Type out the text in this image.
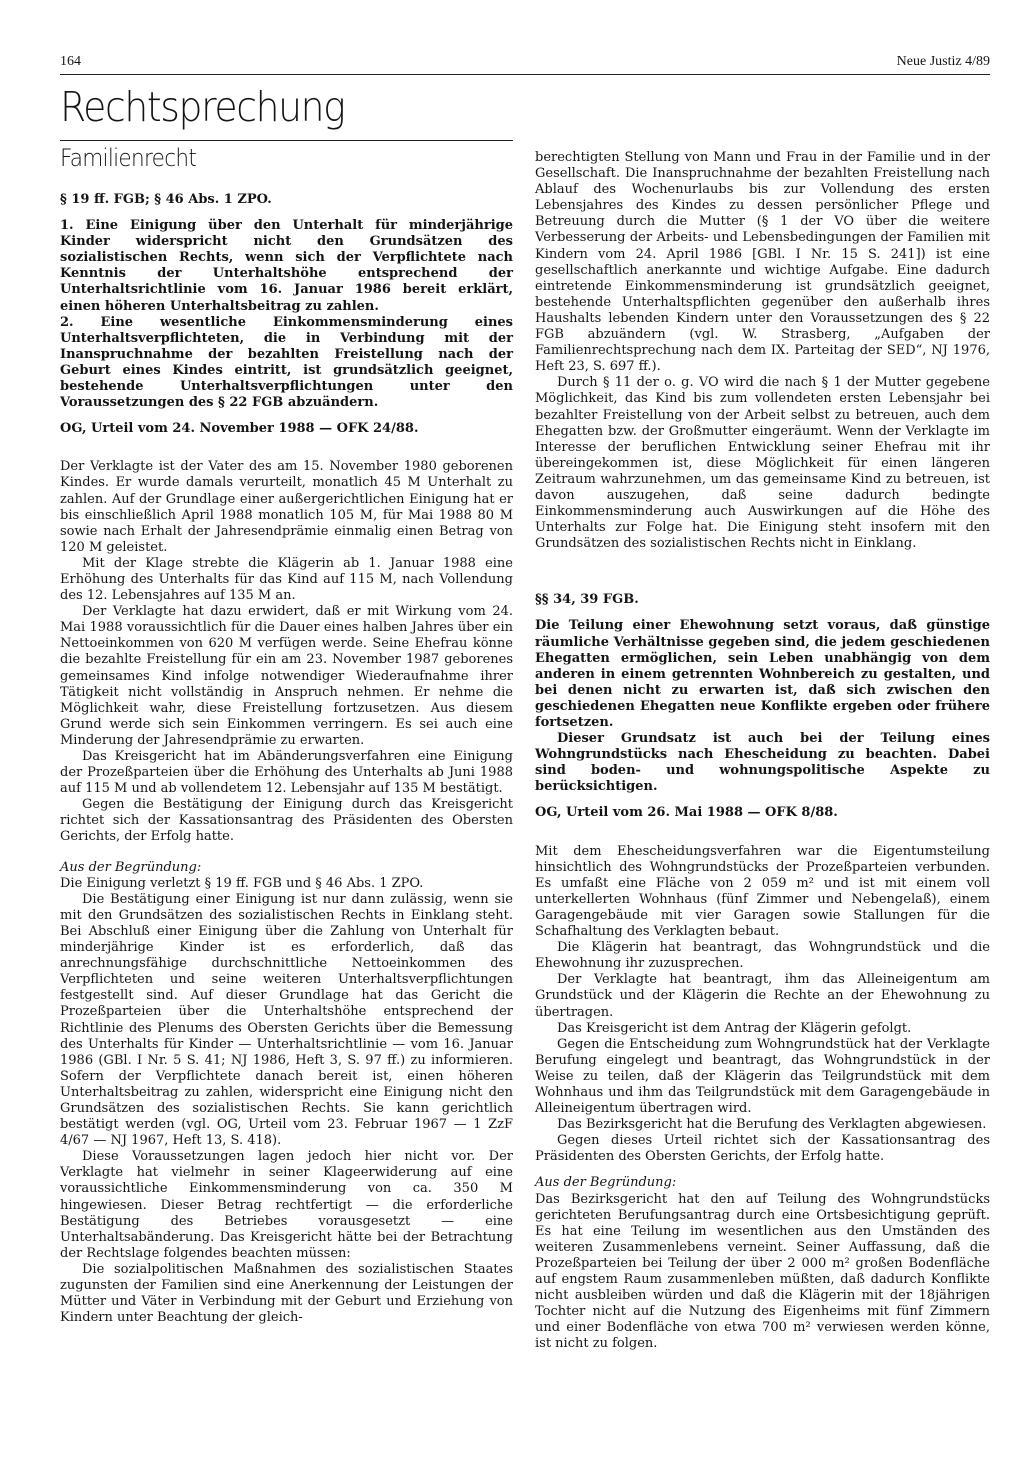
164	Neue Justiz 4/89
Rechtsprechung
Familienrecht

§ 19 ff. FGB; § 46 Abs. 1 ZPO.

1. Eine Einigung über den Unterhalt für minderjährige Kinder widerspricht nicht den Grundsätzen des sozialistischen Rechts, wenn sich der Verpflichtete nach Kenntnis der Unterhaltshöhe entsprechend der Unterhaltsrichtlinie vom 16. Januar 1986 bereit erklärt, einen höheren Unterhaltsbeitrag zu zahlen.

2. Eine wesentliche Einkommensminderung eines Unterhaltsverpflichteten, die in Verbindung mit der Inanspruchnahme der bezahlten Freistellung nach der Geburt eines Kindes eintritt, ist grundsätzlich geeignet, bestehende Unterhaltsverpflichtungen unter den Voraussetzungen des § 22 FGB abzuändern.

OG, Urteil vom 24. November 1988 — OFK 24/88.

Der Verklagte ist der Vater des am 15. November 1980 geborenen Kindes. Er wurde damals verurteilt, monatlich 45 M Unterhalt zu zahlen. Auf der Grundlage einer außergerichtlichen Einigung hat er bis einschließlich April 1988 monatlich 105 M, für Mai 1988 80 M sowie nach Erhalt der Jahresendprämie einmalig einen Betrag von 120 M geleistet.

Mit der Klage strebte die Klägerin ab 1. Januar 1988 eine Erhöhung des Unterhalts für das Kind auf 115 M, nach Vollendung des 12. Lebensjahres auf 135 M an.

Der Verklagte hat dazu erwidert, daß er mit Wirkung vom 24. Mai 1988 voraussichtlich für die Dauer eines halben Jahres über ein Nettoeinkommen von 620 M verfügen werde. Seine Ehefrau könne die bezahlte Freistellung für ein am 23. November 1987 geborenes gemeinsames Kind infolge notwendiger Wiederaufnahme ihrer Tätigkeit nicht vollständig in Anspruch nehmen. Er nehme die Möglichkeit wahr, diese Freistellung fortzusetzen. Aus diesem Grund werde sich sein Einkommen verringern. Es sei auch eine Minderung der Jahresendprämie zu erwarten.

Das Kreisgericht hat im Abänderungsverfahren eine Einigung der Prozeßparteien über die Erhöhung des Unterhalts ab Juni 1988 auf 115 M und ab vollendetem 12. Lebensjahr auf 135 M bestätigt.

Gegen die Bestätigung der Einigung durch das Kreisgericht richtet sich der Kassationsantrag des Präsidenten des Obersten Gerichts, der Erfolg hatte.

Aus der Begründung:

Die Einigung verletzt § 19 ff. FGB und § 46 Abs. 1 ZPO.

Die Bestätigung einer Einigung ist nur dann zulässig, wenn sie mit den Grundsätzen des sozialistischen Rechts in Einklang steht. Bei Abschluß einer Einigung über die Zahlung von Unterhalt für minderjährige Kinder ist es erforderlich, daß das anrechnungsfähige durchschnittliche Nettoeinkommen des Verpflichteten und seine weiteren Unterhaltsverpflichtungen festgestellt sind. Auf dieser Grundlage hat das Gericht die Prozeßparteien über die Unterhaltshöhe entsprechend der Richtlinie des Plenums des Obersten Gerichts über die Bemessung des Unterhalts für Kinder — Unterhaltsrichtlinie — vom 16. Januar 1986 (GBl. I Nr. 5 S. 41; NJ 1986, Heft 3, S. 97 ff.) zu informieren. Sofern der Verpflichtete danach bereit ist, einen höheren Unterhaltsbeitrag zu zahlen, widerspricht eine Einigung nicht den Grundsätzen des sozialistischen Rechts. Sie kann gerichtlich bestätigt werden (vgl. OG, Urteil vom 23. Februar 1967 — 1 ZzF 4/67 — NJ 1967, Heft 13, S. 418).

Diese Voraussetzungen lagen jedoch hier nicht vor. Der Verklagte hat vielmehr in seiner Klageerwiderung auf eine voraussichtliche Einkommensminderung von ca. 350 M hingewiesen. Dieser Betrag rechtfertigt — die erforderliche Bestätigung des Betriebes vorausgesetzt — eine Unterhaltsabänderung. Das Kreisgericht hätte bei der Betrachtung der Rechtslage folgendes beachten müssen:

Die sozialpolitischen Maßnahmen des sozialistischen Staates zugunsten der Familien sind eine Anerkennung der Leistungen der Mütter und Väter in Verbindung mit der Geburt und Erziehung von Kindern unter Beachtung der gleich-

berechtigten Stellung von Mann und Frau in der Familie und in der Gesellschaft. Die Inanspruchnahme der bezahlten Freistellung nach Ablauf des Wochenurlaubs bis zur Vollendung des ersten Lebensjahres des Kindes zu dessen persönlicher Pflege und Betreuung durch die Mutter (§ 1 der VO über die weitere Verbesserung der Arbeits- und Lebensbedingungen der Familien mit Kindern vom 24. April 1986 [GBl. I Nr. 15 S. 241]) ist eine gesellschaftlich anerkannte und wichtige Aufgabe. Eine dadurch eintretende Einkommensminderung ist grundsätzlich geeignet, bestehende Unterhaltspflichten gegenüber den außerhalb ihres Haushalts lebenden Kindern unter den Voraussetzungen des § 22 FGB abzuändern (vgl. W. Strasberg, „Aufgaben der Familienrechtsprechung nach dem IX. Parteitag der SED“, NJ 1976, Heft 23, S. 697 ff.).

Durch § 11 der o. g. VO wird die nach § 1 der Mutter gegebene Möglichkeit, das Kind bis zum vollendeten ersten Lebensjahr bei bezahlter Freistellung von der Arbeit selbst zu betreuen, auch dem Ehegatten bzw. der Großmutter eingeräumt. Wenn der Verklagte im Interesse der beruflichen Entwicklung seiner Ehefrau mit ihr übereingekommen ist, diese Möglichkeit für einen längeren Zeitraum wahrzunehmen, um das gemeinsame Kind zu betreuen, ist davon auszugehen, daß seine dadurch bedingte Einkommensminderung auch Auswirkungen auf die Höhe des Unterhalts zur Folge hat. Die Einigung steht insofern mit den Grundsätzen des sozialistischen Rechts nicht in Einklang.

§§ 34, 39 FGB.

Die Teilung einer Ehewohnung setzt voraus, daß günstige räumliche Verhältnisse gegeben sind, die jedem geschiedenen Ehegatten ermöglichen, sein Leben unabhängig von dem anderen in einem getrennten Wohnbereich zu gestalten, und bei denen nicht zu erwarten ist, daß sich zwischen den geschiedenen Ehegatten neue Konflikte ergeben oder frühere fortsetzen.

Dieser Grundsatz ist auch bei der Teilung eines Wohngrundstücks nach Ehescheidung zu beachten. Dabei sind boden- und wohnungspolitische Aspekte zu berücksichtigen.

OG, Urteil vom 26. Mai 1988 — OFK 8/88.

Mit dem Ehescheidungsverfahren war die Eigentumsteilung hinsichtlich des Wohngrundstücks der Prozeßparteien verbunden. Es umfaßt eine Fläche von 2 059 m² und ist mit einem voll unterkellerten Wohnhaus (fünf Zimmer und Nebengelaß), einem Garagengebäude mit vier Garagen sowie Stallungen für die Schafhaltung des Verklagten bebaut.

Die Klägerin hat beantragt, das Wohngrundstück und die Ehewohnung ihr zuzusprechen.

Der Verklagte hat beantragt, ihm das Alleineigentum am Grundstück und der Klägerin die Rechte an der Ehewohnung zu übertragen.

Das Kreisgericht ist dem Antrag der Klägerin gefolgt.

Gegen die Entscheidung zum Wohngrundstück hat der Verklagte Berufung eingelegt und beantragt, das Wohngrundstück in der Weise zu teilen, daß der Klägerin das Teilgrundstück mit dem Wohnhaus und ihm das Teilgrundstück mit dem Garagengebäude in Alleineigentum übertragen wird.

Das Bezirksgericht hat die Berufung des Verklagten abgewiesen.

Gegen dieses Urteil richtet sich der Kassationsantrag des Präsidenten des Obersten Gerichts, der Erfolg hatte.

Aus der Begründung:

Das Bezirksgericht hat den auf Teilung des Wohngrundstücks gerichteten Berufungsantrag durch eine Ortsbesichtigung geprüft. Es hat eine Teilung im wesentlichen aus den Umständen des weiteren Zusammenlebens verneint. Seiner Auffassung, daß die Prozeßparteien bei Teilung der über 2 000 m² großen Bodenfläche auf engstem Raum zusammenleben müßten, daß dadurch Konflikte nicht ausbleiben würden und daß die Klägerin mit der 18jährigen Tochter nicht auf die Nutzung des Eigenheims mit fünf Zimmern und einer Bodenfläche von etwa 700 m² verwiesen werden könne, ist nicht zu folgen.
